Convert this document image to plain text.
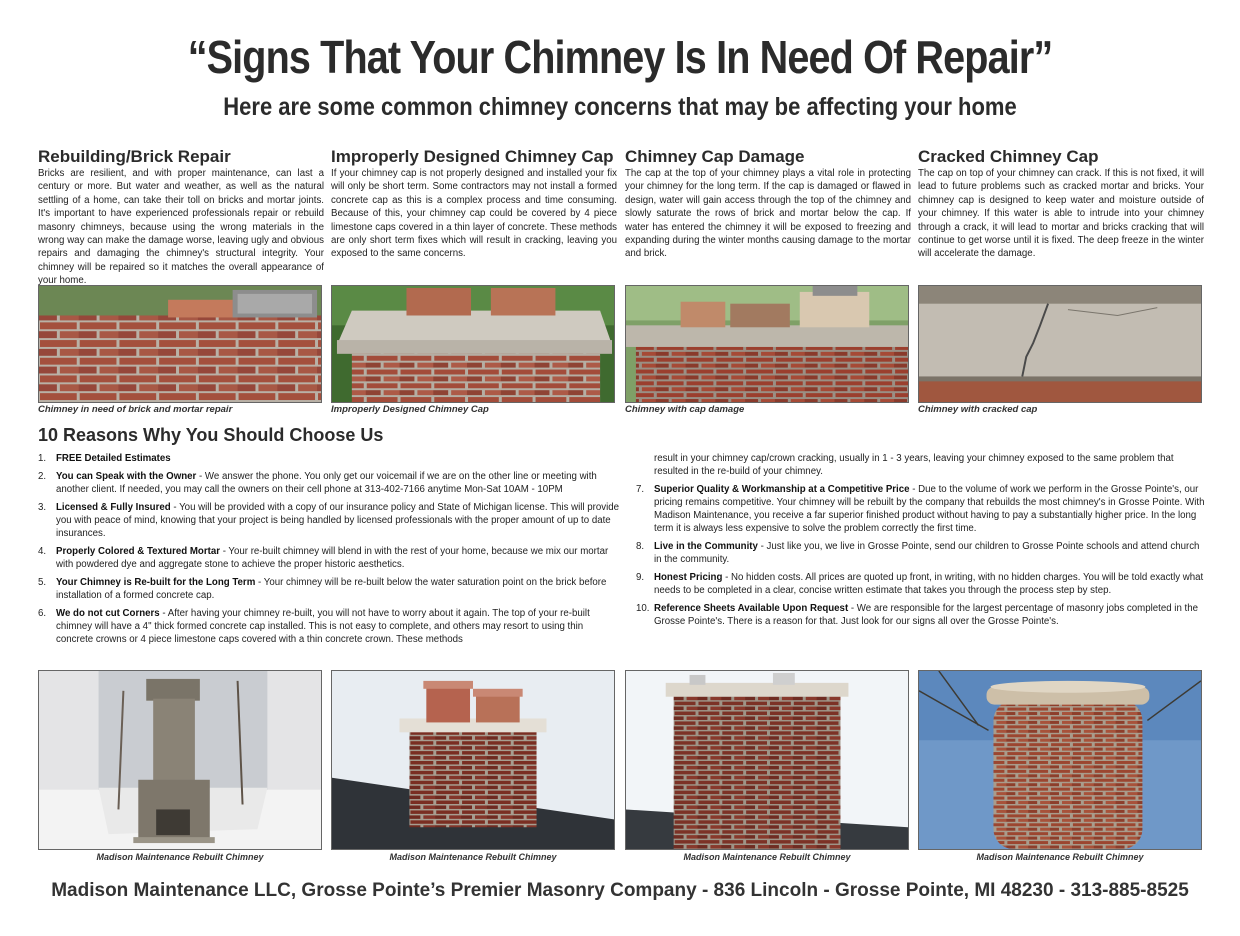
“Signs That Your Chimney Is In Need Of Repair”
Here are some common chimney concerns that may be affecting your home
Rebuilding/Brick Repair

Bricks are resilient, and with proper maintenance, can last a century or more. But water and weather, as well as the natural settling of a home, can take their toll on bricks and mortar joints. It's important to have experienced professionals repair or rebuild masonry chimneys, because using the wrong materials in the wrong way can make the damage worse, leaving ugly and obvious repairs and damaging the chimney's structural integrity. Your chimney will be repaired so it matches the overall appearance of your home.

Improperly Designed Chimney Cap

If your chimney cap is not properly designed and installed your fix will only be short term. Some contractors may not install a formed concrete cap as this is a complex process and time consuming. Because of this, your chimney cap could be covered by 4 piece limestone caps covered in a thin layer of concrete. These methods are only short term fixes which will result in cracking, leaving you exposed to the same concerns.

Chimney Cap Damage

The cap at the top of your chimney plays a vital role in protecting your chimney for the long term. If the cap is damaged or flawed in design, water will gain access through the top of the chimney and slowly saturate the rows of brick and mortar below the cap. If water has entered the chimney it will be exposed to freezing and expanding during the winter months causing damage to the mortar and brick.

Cracked Chimney Cap

The cap on top of your chimney can crack. If this is not fixed, it will lead to future problems such as cracked mortar and bricks. Your chimney cap is designed to keep water and moisture outside of your chimney. If this water is able to intrude into your chimney through a crack, it will lead to mortar and bricks cracking that will continue to get worse until it is fixed. The deep freeze in the winter will accelerate the damage.

Chimney in need of brick and mortar repair	Improperly Designed Chimney Cap	Chimney with cap damage	Chimney with cracked cap
10 Reasons Why You Should Choose Us
1.	FREE Detailed Estimates
2.	You can Speak with the Owner - We answer the phone. You only get our voicemail if we are on the other line or meeting with another client. If needed, you may call the owners on their cell phone at 313-402-7166 anytime Mon-Sat 10AM - 10PM
3.	Licensed & Fully Insured - You will be provided with a copy of our insurance policy and State of Michigan license. This will provide you with peace of mind, knowing that your project is being handled by licensed professionals with the proper amount of up to date insurances.
4.	Properly Colored & Textured Mortar - Your re-built chimney will blend in with the rest of your home, because we mix our mortar with powdered dye and aggregate stone to achieve the proper historic aesthetics.
5.	Your Chimney is Re-built for the Long Term - Your chimney will be re-built below the water saturation point on the brick before installation of a formed concrete cap.
6.	We do not cut Corners - After having your chimney re-built, you will not have to worry about it again. The top of your re-built chimney will have a 4" thick formed concrete cap installed. This is not easy to complete, and others may resort to using thin concrete crowns or 4 piece limestone caps covered with a thin concrete crown. These methods
result in your chimney cap/crown cracking, usually in 1 - 3 years, leaving your chimney exposed to the same problem that resulted in the re-build of your chimney.
7.	Superior Quality & Workmanship at a Competitive Price - Due to the volume of work we perform in the Grosse Pointe's, our pricing remains competitive. Your chimney will be rebuilt by the company that rebuilds the most chimney's in Grosse Pointe. With Madison Maintenance, you receive a far superior finished product without having to pay a substantially higher price. In the long term it is always less expensive to solve the problem correctly the first time.
8.	Live in the Community - Just like you, we live in Grosse Pointe, send our children to Grosse Pointe schools and attend church in the community.
9.	Honest Pricing - No hidden costs. All prices are quoted up front, in writing, with no hidden charges. You will be told exactly what needs to be completed in a clear, concise written estimate that takes you through the process step by step.
10. Reference Sheets Available Upon Request - We are responsible for the largest percentage of masonry jobs completed in the Grosse Pointe's. There is a reason for that. Just look for our signs all over the Grosse Pointe's.
Madison Maintenance Rebuilt Chimney	Madison Maintenance Rebuilt Chimney	Madison Maintenance Rebuilt Chimney	Madison Maintenance Rebuilt Chimney
Madison Maintenance LLC, Grosse Pointe’s Premier Masonry Company - 836 Lincoln - Grosse Pointe, MI 48230 - 313-885-8525
